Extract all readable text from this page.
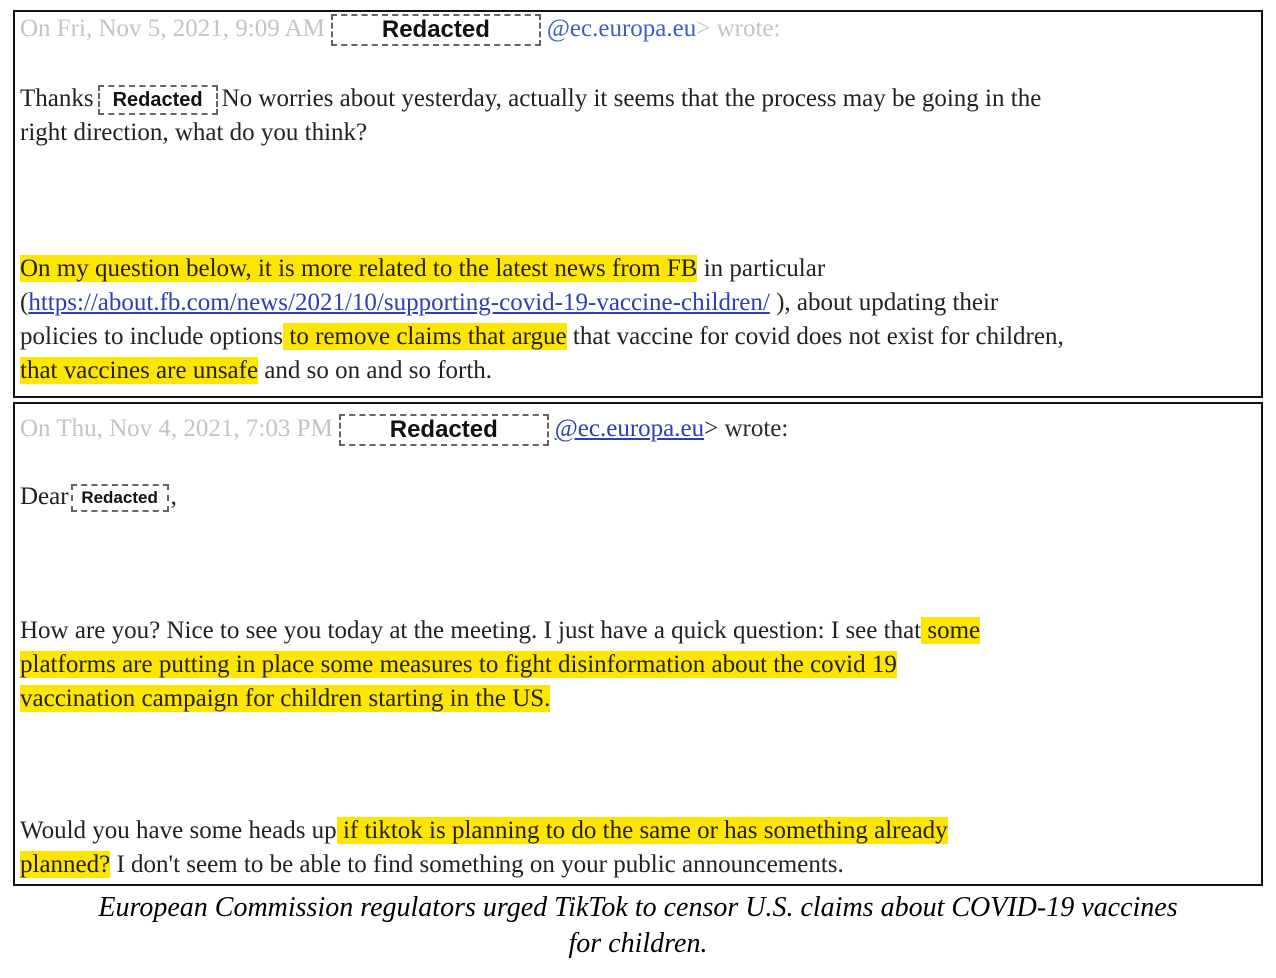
On Fri, Nov 5, 2021, 9:09 AM Redacted @ec.europa.eu> wrote:
Thanks Redacted No worries about yesterday, actually it seems that the process may be going in the
right direction, what do you think?
On my question below, it is more related to the latest news from FB in particular
(https://about.fb.com/news/2021/10/supporting-covid-19-vaccine-children/ ), about updating their
policies to include options to remove claims that argue that vaccine for covid does not exist for children,
that vaccines are unsafe and so on and so forth.
On Thu, Nov 4, 2021, 7:03 PM Redacted @ec.europa.eu> wrote:
Dear Redacted ,
How are you? Nice to see you today at the meeting. I just have a quick question: I see that some
platforms are putting in place some measures to fight disinformation about the covid 19
vaccination campaign for children starting in the US.
Would you have some heads up if tiktok is planning to do the same or has something already
planned? I don't seem to be able to find something on your public announcements.
European Commission regulators urged TikTok to censor U.S. claims about COVID-19 vaccines
for children.
